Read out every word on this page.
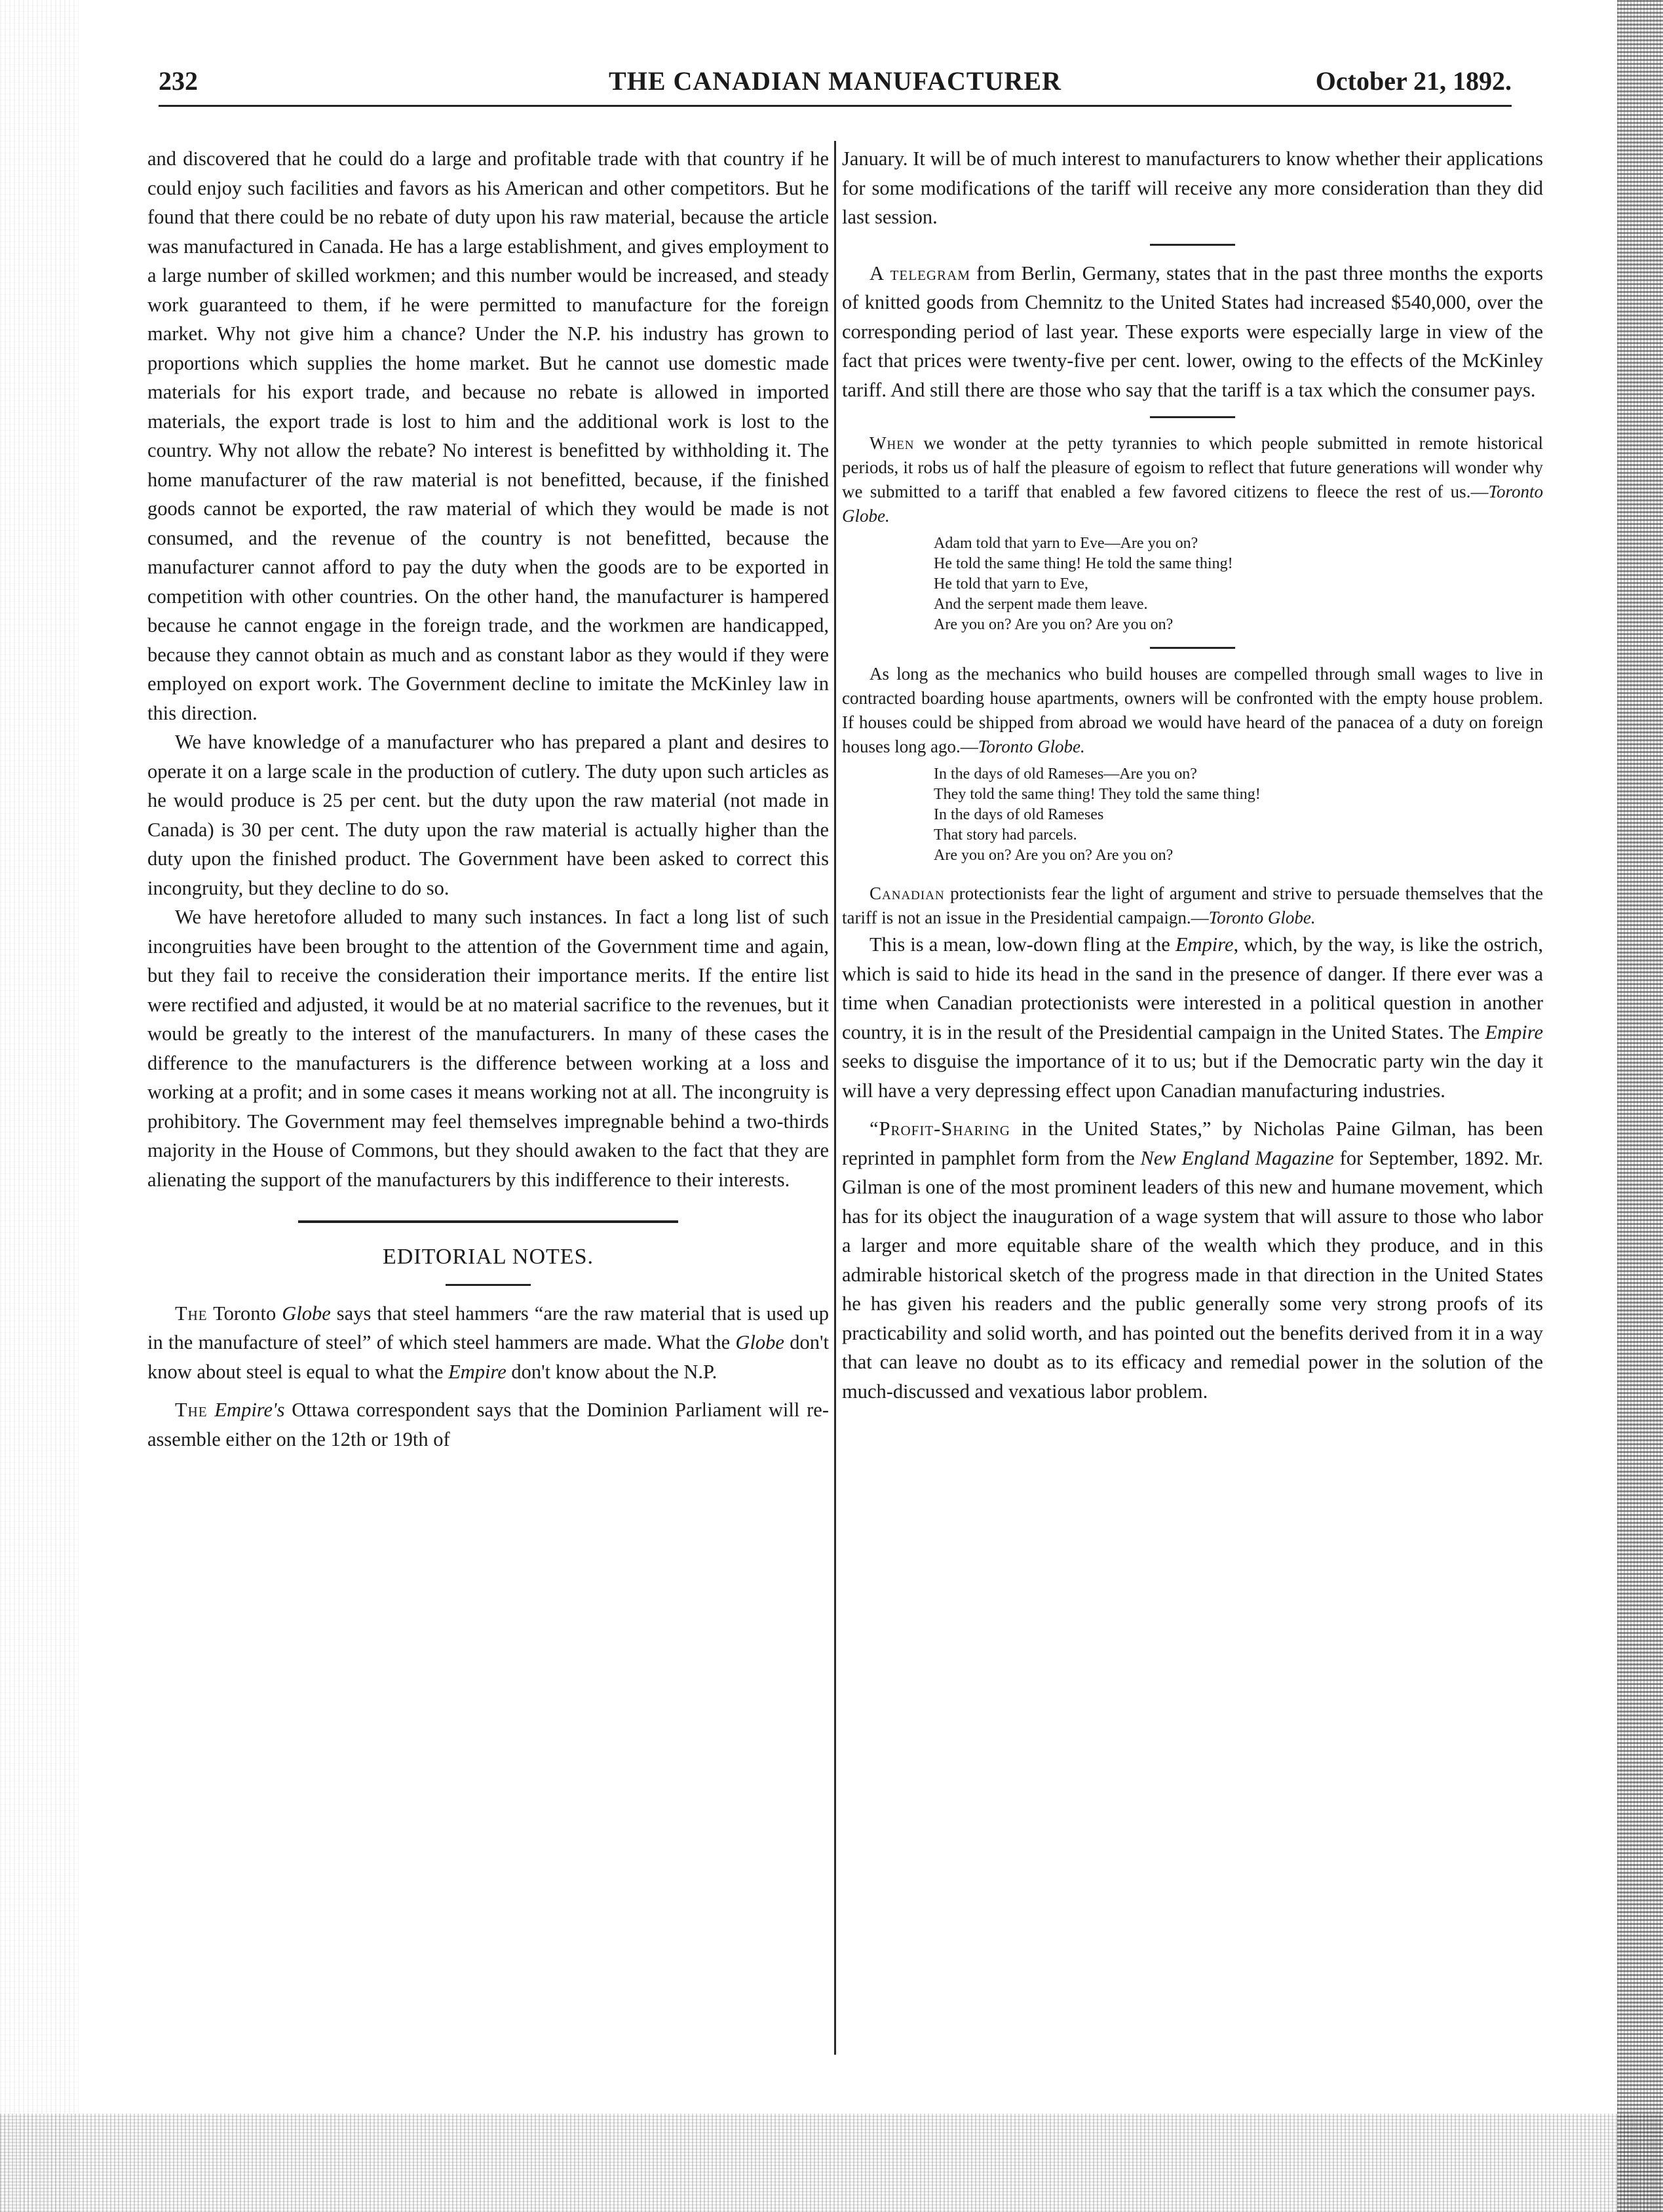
232	THE CANADIAN MANUFACTURER	October 21, 1892.

and discovered that he could do a large and profitable trade with that country if he could enjoy such facilities and favors as his American and other competitors. But he found that there could be no rebate of duty upon his raw material, because the article was manufactured in Canada. He has a large establishment, and gives employment to a large number of skilled workmen; and this number would be increased, and steady work guaranteed to them, if he were permitted to manufacture for the foreign market. Why not give him a chance? Under the N.P. his industry has grown to proportions which supplies the home market. But he cannot use domestic made materials for his export trade, and because no rebate is allowed in imported materials, the export trade is lost to him and the additional work is lost to the country. Why not allow the rebate? No interest is benefitted by withholding it. The home manufacturer of the raw material is not benefitted, because, if the finished goods cannot be exported, the raw material of which they would be made is not consumed, and the revenue of the country is not benefitted, because the manufacturer cannot afford to pay the duty when the goods are to be exported in competition with other countries. On the other hand, the manufacturer is hampered because he cannot engage in the foreign trade, and the workmen are handicapped, because they cannot obtain as much and as constant labor as they would if they were employed on export work. The Government decline to imitate the McKinley law in this direction.

We have knowledge of a manufacturer who has prepared a plant and desires to operate it on a large scale in the production of cutlery. The duty upon such articles as he would produce is 25 per cent. but the duty upon the raw material (not made in Canada) is 30 per cent. The duty upon the raw material is actually higher than the duty upon the finished product. The Government have been asked to correct this incongruity, but they decline to do so.

We have heretofore alluded to many such instances. In fact a long list of such incongruities have been brought to the attention of the Government time and again, but they fail to receive the consideration their importance merits. If the entire list were rectified and adjusted, it would be at no material sacrifice to the revenues, but it would be greatly to the interest of the manufacturers. In many of these cases the difference to the manufacturers is the difference between working at a loss and working at a profit; and in some cases it means working not at all. The incongruity is prohibitory. The Government may feel themselves impregnable behind a two-thirds majority in the House of Commons, but they should awaken to the fact that they are alienating the support of the manufacturers by this indifference to their interests.

EDITORIAL NOTES.

The Toronto Globe says that steel hammers “are the raw material that is used up in the manufacture of steel” of which steel hammers are made. What the Globe don't know about steel is equal to what the Empire don't know about the N.P.

The Empire's Ottawa correspondent says that the Dominion Parliament will re-assemble either on the 12th or 19th of

January. It will be of much interest to manufacturers to know whether their applications for some modifications of the tariff will receive any more consideration than they did last session.

A telegram from Berlin, Germany, states that in the past three months the exports of knitted goods from Chemnitz to the United States had increased $540,000, over the corresponding period of last year. These exports were especially large in view of the fact that prices were twenty-five per cent. lower, owing to the effects of the McKinley tariff. And still there are those who say that the tariff is a tax which the consumer pays.

When we wonder at the petty tyrannies to which people submitted in remote historical periods, it robs us of half the pleasure of egoism to reflect that future generations will wonder why we submitted to a tariff that enabled a few favored citizens to fleece the rest of us.—Toronto Globe.

Adam told that yarn to Eve—Are you on?
He told the same thing! He told the same thing!
He told that yarn to Eve,
And the serpent made them leave.
Are you on? Are you on? Are you on?

As long as the mechanics who build houses are compelled through small wages to live in contracted boarding house apartments, owners will be confronted with the empty house problem. If houses could be shipped from abroad we would have heard of the panacea of a duty on foreign houses long ago.—Toronto Globe.

In the days of old Rameses—Are you on?
They told the same thing! They told the same thing!
In the days of old Rameses
That story had parcels.
Are you on? Are you on? Are you on?

Canadian protectionists fear the light of argument and strive to persuade themselves that the tariff is not an issue in the Presidential campaign.—Toronto Globe.

This is a mean, low-down fling at the Empire, which, by the way, is like the ostrich, which is said to hide its head in the sand in the presence of danger. If there ever was a time when Canadian protectionists were interested in a political question in another country, it is in the result of the Presidential campaign in the United States. The Empire seeks to disguise the importance of it to us; but if the Democratic party win the day it will have a very depressing effect upon Canadian manufacturing industries.

“Profit-Sharing in the United States,” by Nicholas Paine Gilman, has been reprinted in pamphlet form from the New England Magazine for September, 1892. Mr. Gilman is one of the most prominent leaders of this new and humane movement, which has for its object the inauguration of a wage system that will assure to those who labor a larger and more equitable share of the wealth which they produce, and in this admirable historical sketch of the progress made in that direction in the United States he has given his readers and the public generally some very strong proofs of its practicability and solid worth, and has pointed out the benefits derived from it in a way that can leave no doubt as to its efficacy and remedial power in the solution of the much-discussed and vexatious labor problem.
